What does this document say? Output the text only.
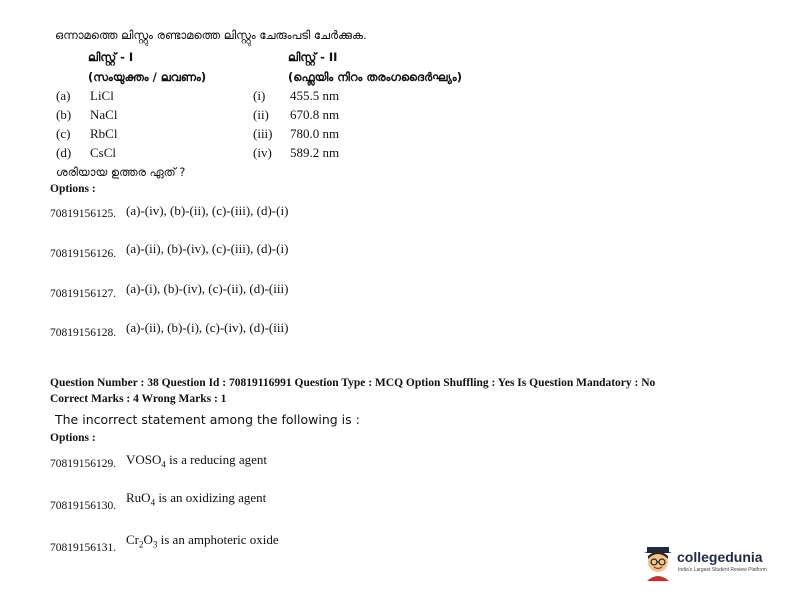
ഒന്നാമത്തെ ലിസ്റ്റും രണ്ടാമത്തെ ലിസ്റ്റും ചേരുംപടി ചേർക്കുക.
ലിസ്റ്റ് - I
(സംയുക്തം / ലവണം)
ലിസ്റ്റ് - II
(ഫ്ലെയിം നിറം തരംഗദൈർഘ്യം)
(a) LiCl	(i) 455.5 nm
(b) NaCl	(ii) 670.8 nm
(c) RbCl	(iii) 780.0 nm
(d) CsCl	(iv) 589.2 nm
ശരിയായ ഉത്തര ഏത് ?
Options :
70819156125. (a)-(iv), (b)-(ii), (c)-(iii), (d)-(i)
70819156126. (a)-(ii), (b)-(iv), (c)-(iii), (d)-(i)
70819156127. (a)-(i), (b)-(iv), (c)-(ii), (d)-(iii)
70819156128. (a)-(ii), (b)-(i), (c)-(iv), (d)-(iii)
Question Number : 38 Question Id : 70819116991 Question Type : MCQ Option Shuffling : Yes Is Question Mandatory : No
Correct Marks : 4 Wrong Marks : 1
The incorrect statement among the following is :
Options :
70819156129. $VOSO_4$ is a reducing agent
70819156130.
RuO$_4$ is an oxidizing agent
70819156131.
$Cr_2O_3$ is an amphoteric oxide
collegedunia
India's Largest Student Review Platform
